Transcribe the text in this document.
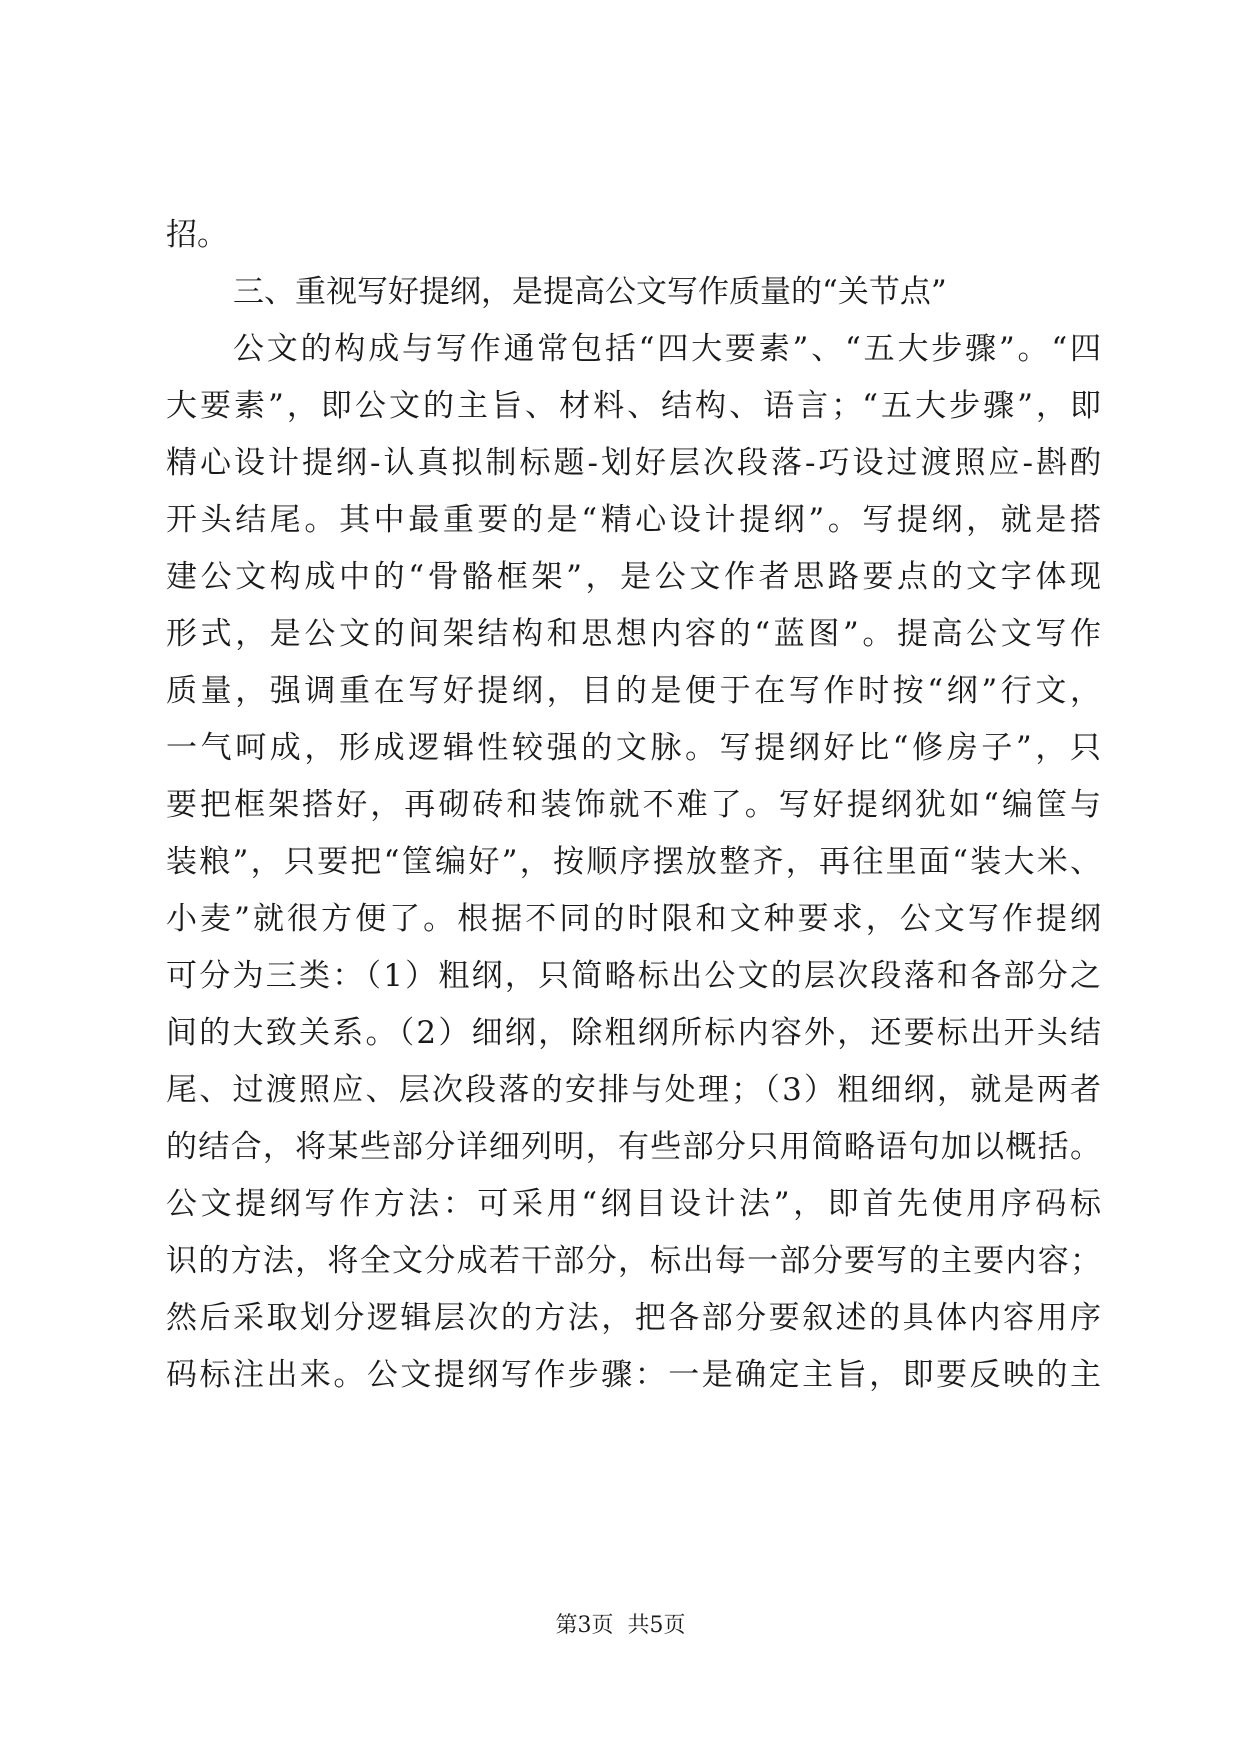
招。
三、重视写好提纲，是提高公文写作质量的“关节点”
公文的构成与写作通常包括“四大要素”、“五大步骤”。“四
大要素”，即公文的主旨、材料、结构、语言；“五大步骤”，即
精心设计提纲-认真拟制标题-划好层次段落-巧设过渡照应-斟酌
开头结尾。其中最重要的是“精心设计提纲”。写提纲，就是搭
建公文构成中的“骨骼框架”，是公文作者思路要点的文字体现
形式，是公文的间架结构和思想内容的“蓝图”。提高公文写作
质量，强调重在写好提纲，目的是便于在写作时按“纲”行文，
一气呵成，形成逻辑性较强的文脉。写提纲好比“修房子”，只
要把框架搭好，再砌砖和装饰就不难了。写好提纲犹如“编筐与
装粮”，只要把“筐编好”，按顺序摆放整齐，再往里面“装大米、
小麦”就很方便了。根据不同的时限和文种要求，公文写作提纲
可分为三类：（1）粗纲，只简略标出公文的层次段落和各部分之
间的大致关系。（2）细纲，除粗纲所标内容外，还要标出开头结
尾、过渡照应、层次段落的安排与处理；（3）粗细纲，就是两者
的结合，将某些部分详细列明，有些部分只用简略语句加以概括。
公文提纲写作方法：可采用“纲目设计法”，即首先使用序码标
识的方法，将全文分成若干部分，标出每一部分要写的主要内容；
然后采取划分逻辑层次的方法，把各部分要叙述的具体内容用序
码标注出来。公文提纲写作步骤：一是确定主旨，即要反映的主
第3页 共5页
